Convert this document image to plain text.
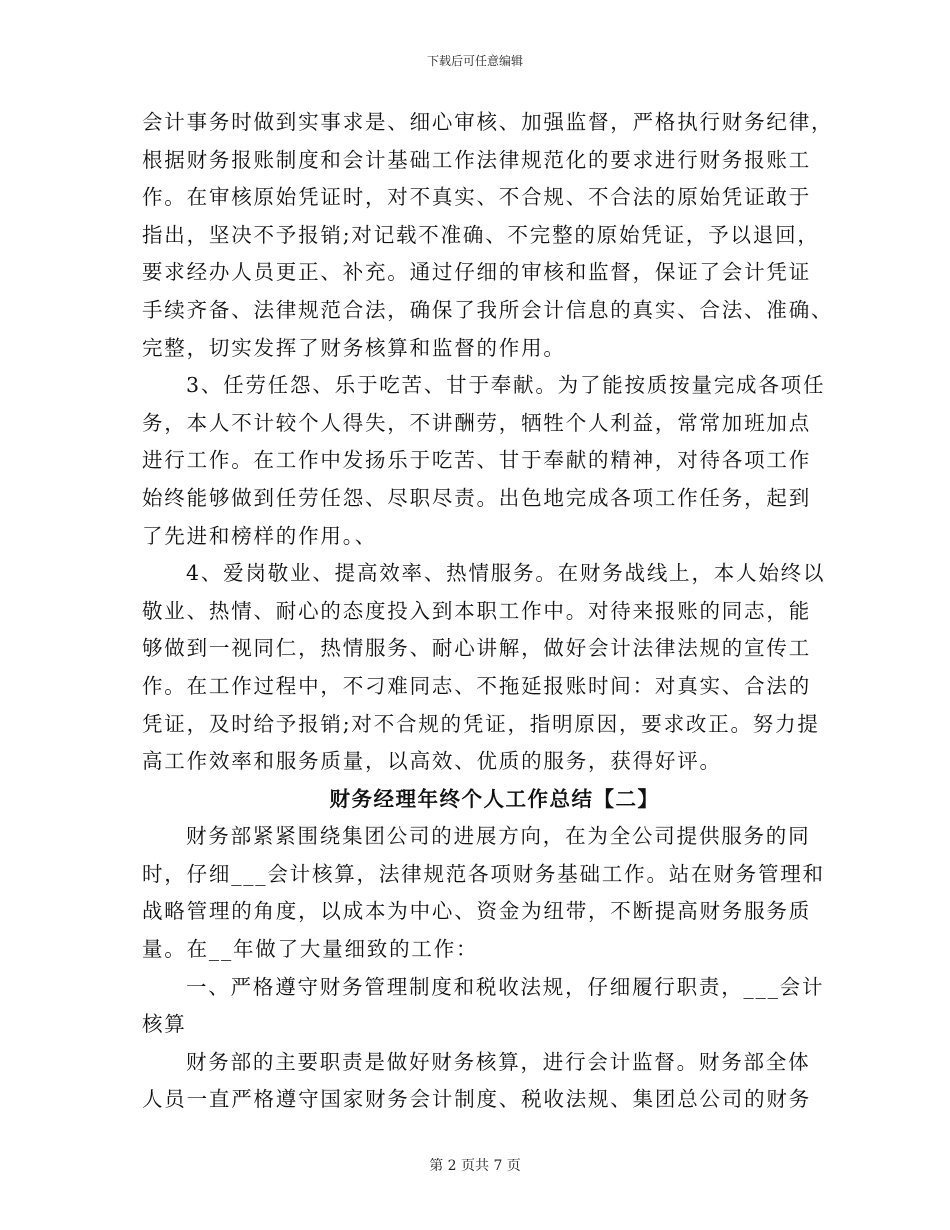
下载后可任意编辑
会计事务时做到实事求是、细心审核、加强监督，严格执行财务纪律，
根据财务报账制度和会计基础工作法律规范化的要求进行财务报账工
作。在审核原始凭证时，对不真实、不合规、不合法的原始凭证敢于
指出，坚决不予报销;对记载不准确、不完整的原始凭证，予以退回，
要求经办人员更正、补充。通过仔细的审核和监督，保证了会计凭证
手续齐备、法律规范合法，确保了我所会计信息的真实、合法、准确、
完整，切实发挥了财务核算和监督的作用。
3、任劳任怨、乐于吃苦、甘于奉献。为了能按质按量完成各项任
务，本人不计较个人得失，不讲酬劳，牺牲个人利益，常常加班加点
进行工作。在工作中发扬乐于吃苦、甘于奉献的精神，对待各项工作
始终能够做到任劳任怨、尽职尽责。出色地完成各项工作任务，起到
了先进和榜样的作用。、
4、爱岗敬业、提高效率、热情服务。在财务战线上，本人始终以
敬业、热情、耐心的态度投入到本职工作中。对待来报账的同志，能
够做到一视同仁，热情服务、耐心讲解，做好会计法律法规的宣传工
作。在工作过程中，不刁难同志、不拖延报账时间：对真实、合法的
凭证，及时给予报销;对不合规的凭证，指明原因，要求改正。努力提
高工作效率和服务质量，以高效、优质的服务，获得好评。
财务经理年终个人工作总结【二】
财务部紧紧围绕集团公司的进展方向，在为全公司提供服务的同
时，仔细___会计核算，法律规范各项财务基础工作。站在财务管理和
战略管理的角度，以成本为中心、资金为纽带，不断提高财务服务质
量。在__年做了大量细致的工作：
一、严格遵守财务管理制度和税收法规，仔细履行职责，___会计
核算
财务部的主要职责是做好财务核算，进行会计监督。财务部全体
人员一直严格遵守国家财务会计制度、税收法规、集团总公司的财务
第 2 页共 7 页
